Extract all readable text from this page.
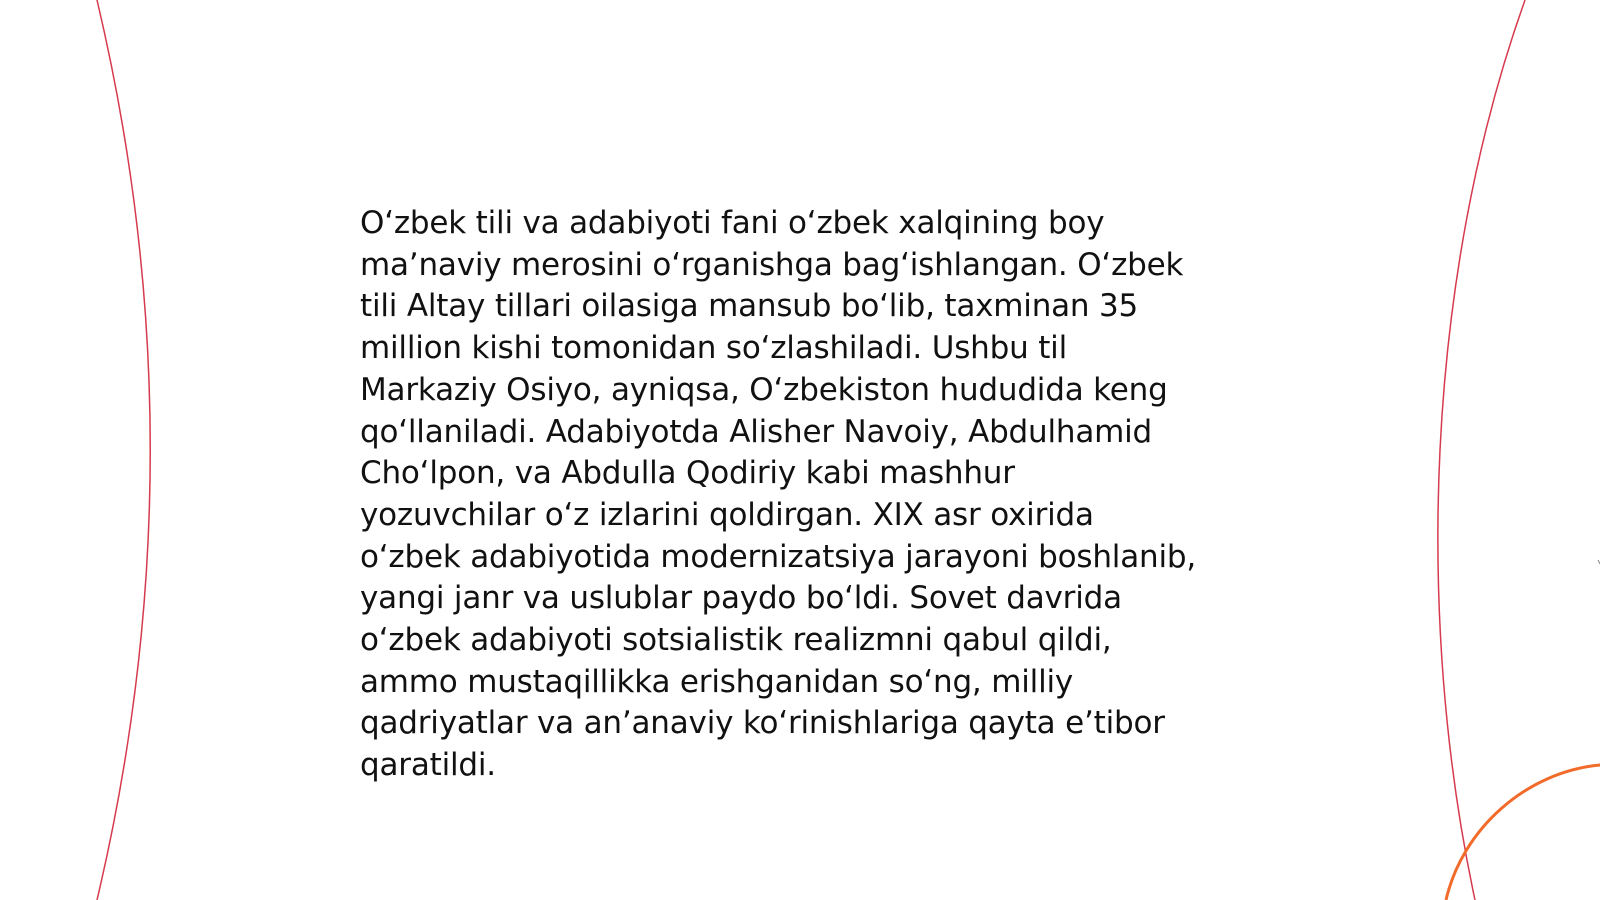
O‘zbek tili va adabiyoti fani o‘zbek xalqining boy
ma’naviy merosini o‘rganishga bag‘ishlangan. O‘zbek
tili Altay tillari oilasiga mansub bo‘lib, taxminan 35
million kishi tomonidan so‘zlashiladi. Ushbu til
Markaziy Osiyo, ayniqsa, O‘zbekiston hududida keng
qo‘llaniladi. Adabiyotda Alisher Navoiy, Abdulhamid
Cho‘lpon, va Abdulla Qodiriy kabi mashhur
yozuvchilar o‘z izlarini qoldirgan. XIX asr oxirida
o‘zbek adabiyotida modernizatsiya jarayoni boshlanib,
yangi janr va uslublar paydo bo‘ldi. Sovet davrida
o‘zbek adabiyoti sotsialistik realizmni qabul qildi,
ammo mustaqillikka erishganidan so‘ng, milliy
qadriyatlar va an’anaviy ko‘rinishlariga qayta e’tibor
qaratildi.
